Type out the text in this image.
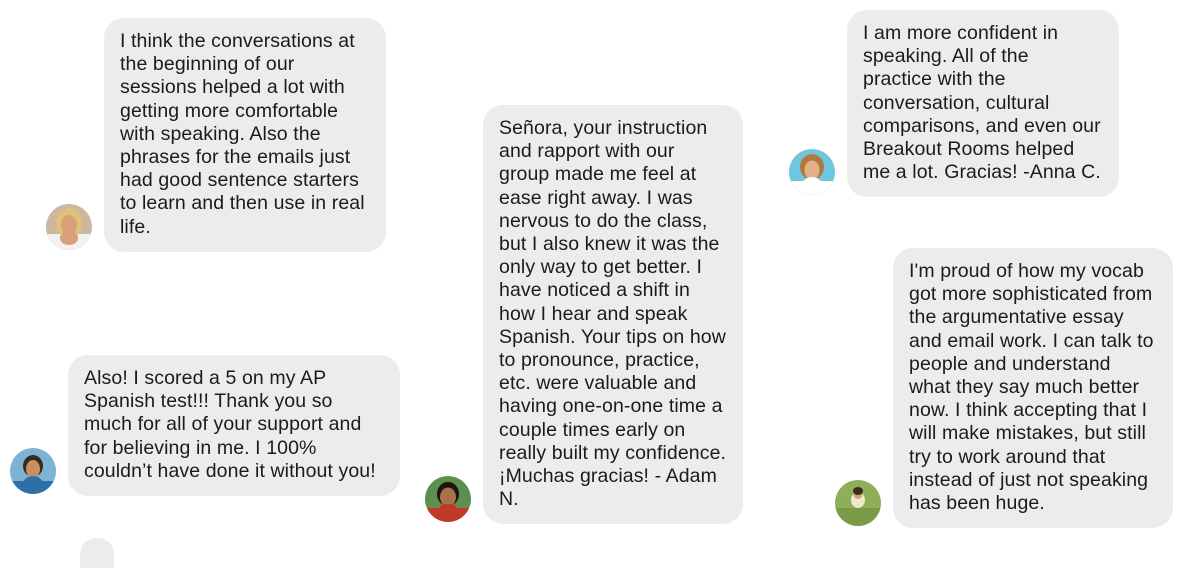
I think the conversations at the beginning of our sessions helped a lot with getting more comfortable with speaking. Also the phrases for the emails just had good sentence starters to learn and then use in real life.
Also! I scored a 5 on my AP Spanish test!!! Thank you so much for all of your support and for believing in me. I 100% couldn’t have done it without you!
Señora, your instruction and rapport with our group made me feel at ease right away. I was nervous to do the class, but I also knew it was the only way to get better. I have noticed a shift in how I hear and speak Spanish. Your tips on how to pronounce, practice, etc. were valuable and having one-on-one time a couple times early on really built my confidence. ¡Muchas gracias! - Adam N.
I am more confident in speaking. All of the practice with the conversation, cultural comparisons, and even our Breakout Rooms helped me a lot. Gracias! -Anna C.
I'm proud of how my vocab got more sophisticated from the argumentative essay and email work. I can talk to people and understand what they say much better now. I think accepting that I will make mistakes, but still try to work around that instead of just not speaking has been huge.
